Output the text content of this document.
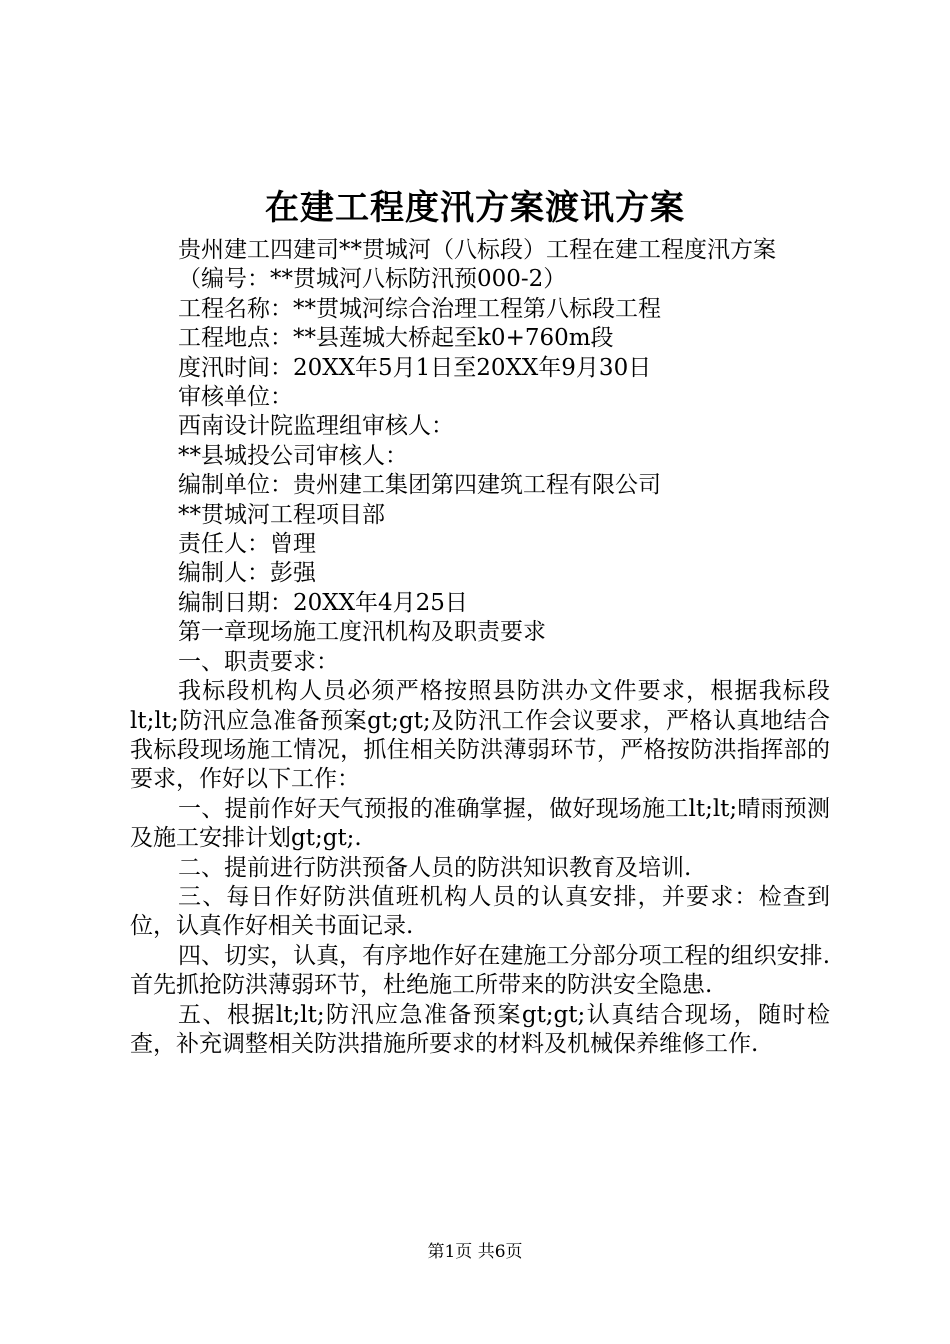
在建工程度汛方案渡讯方案
贵州建工四建司**贯城河（八标段）工程在建工程度汛方案
（编号：**贯城河八标防汛预000-2）
工程名称：**贯城河综合治理工程第八标段工程
工程地点：**县莲城大桥起至k0+760m段
度汛时间：20XX年5月1日至20XX年9月30日
审核单位：
西南设计院监理组审核人：
**县城投公司审核人：
编制单位：贵州建工集团第四建筑工程有限公司
**贯城河工程项目部
责任人：曾理
编制人：彭强
编制日期：20XX年4月25日
第一章现场施工度汛机构及职责要求
一、职责要求：
我标段机构人员必须严格按照县防洪办文件要求，根据我标段lt;lt;防汛应急准备预案gt;gt;及防汛工作会议要求，严格认真地结合我标段现场施工情况，抓住相关防洪薄弱环节，严格按防洪指挥部的要求，作好以下工作：
一、提前作好天气预报的准确掌握，做好现场施工lt;lt;晴雨预测及施工安排计划gt;gt;.
二、提前进行防洪预备人员的防洪知识教育及培训.
三、每日作好防洪值班机构人员的认真安排，并要求：检查到位，认真作好相关书面记录.
四、切实，认真，有序地作好在建施工分部分项工程的组织安排.首先抓抢防洪薄弱环节，杜绝施工所带来的防洪安全隐患.
五、根据lt;lt;防汛应急准备预案gt;gt;认真结合现场，随时检查，补充调整相关防洪措施所要求的材料及机械保养维修工作.
第1页 共6页
